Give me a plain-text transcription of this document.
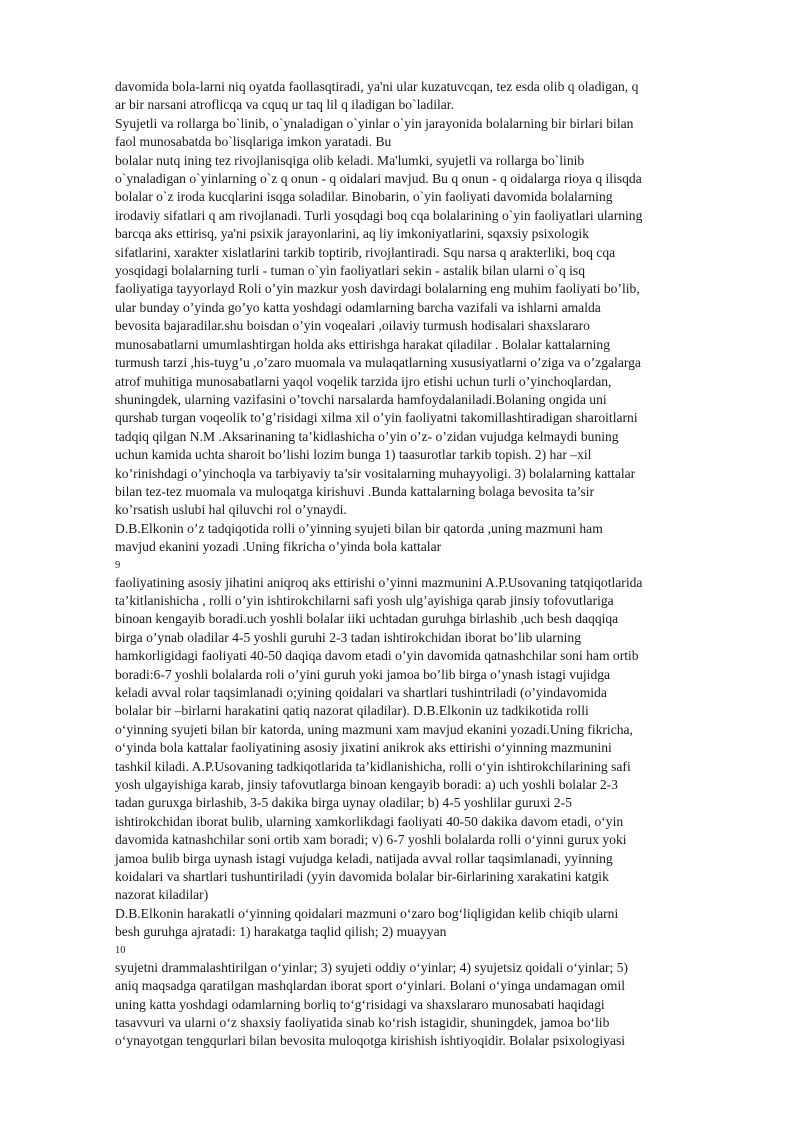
davomida bola-larni niq oyatda faollasqtiradi, ya'ni ular kuzatuvcqan, tez esda olib q oladigan, q
ar bir narsani atroflicqa va cquq ur taq lil q iladigan bo`ladilar.
Syujetli va rollarga bo`linib, o`ynaladigan o`yinlar o`yin jarayonida bolalarning bir birlari bilan
faol munosabatda bo`lisqlariga imkon yaratadi. Bu
bolalar nutq ining tez rivojlanisqiga olib keladi. Ma'lumki, syujetli va rollarga bo`linib
o`ynaladigan o`yinlarning o`z q onun - q oidalari mavjud. Bu q onun - q oidalarga rioya q ilisqda
bolalar o`z iroda kucqlarini isqga soladilar. Binobarin, o`yin faoliyati davomida bolalarning
irodaviy sifatlari q am rivojlanadi. Turli yosqdagi boq cqa bolalarining o`yin faoliyatlari ularning
barcqa aks ettirisq, ya'ni psixik jarayonlarini, aq liy imkoniyatlarini, sqaxsiy psixologik
sifatlarini, xarakter xislatlarini tarkib toptirib, rivojlantiradi. Squ narsa q arakterliki, boq cqa
yosqidagi bolalarning turli - tuman o`yin faoliyatlari sekin - astalik bilan ularni o`q isq
faoliyatiga tayyorlayd Roli o’yin mazkur yosh davirdagi bolalarning eng muhim faoliyati bo’lib,
ular bunday o’yinda go’yo katta yoshdagi odamlarning barcha vazifali va ishlarni amalda
bevosita bajaradilar.shu boisdan o’yin voqealari ,oilaviy turmush hodisalari shaxslararo
munosabatlarni umumlashtirgan holda aks ettirishga harakat qiladilar . Bolalar kattalarning
turmush tarzi ,his-tuyg’u ,o’zaro muomala va mulaqatlarning xususiyatlarni o’ziga va o’zgalarga
atrof muhitiga munosabatlarni yaqol voqelik tarzida ijro etishi uchun turli o’yinchoqlardan,
shuningdek, ularning vazifasini o’tovchi narsalarda hamfoydalaniladi.Bolaning ongida uni
qurshab turgan voqeolik to’g’risidagi xilma xil o’yin faoliyatni takomillashtiradigan sharoitlarni
tadqiq qilgan N.M .Aksarinaning ta’kidlashicha o’yin o’z- o’zidan vujudga kelmaydi buning
uchun kamida uchta sharoit bo’lishi lozim bunga 1) taasurotlar tarkib topish. 2) har –xil
ko’rinishdagi o’yinchoqla va tarbiyaviy ta’sir vositalarning muhayyoligi. 3) bolalarning kattalar
bilan tez-tez muomala va muloqatga kirishuvi .Bunda kattalarning bolaga bevosita ta’sir
ko’rsatish uslubi hal qiluvchi rol o’ynaydi.
D.B.Elkonin o’z tadqiqotida rolli o’yinning syujeti bilan bir qatorda ,uning mazmuni ham
mavjud ekanini yozadi .Uning fikricha o’yinda bola kattalar

9

faoliyatining asosiy jihatini aniqroq aks ettirishi o’yinni mazmunini A.P.Usovaning tatqiqotlarida
ta’kitlanishicha , rolli o’yin ishtirokchilarni safi yosh ulg’ayishiga qarab jinsiy tofovutlariga
binoan kengayib boradi.uch yoshli bolalar iiki uchtadan guruhga birlashib ,uch besh daqqiqa
birga o’ynab oladilar 4-5 yoshli guruhi 2-3 tadan ishtirokchidan iborat bo’lib ularning
hamkorligidagi faoliyati 40-50 daqiqa davom etadi o’yin davomida qatnashchilar soni ham ortib
boradi:6-7 yoshli bolalarda roli o’yini guruh yoki jamoa bo’lib birga o’ynash istagi vujidga
keladi avval rolar taqsimlanadi o;yining qoidalari va shartlari tushintriladi (o’yindavomida
bolalar bir –birlarni harakatini qatiq nazorat qiladilar). D.B.Elkonin uz tadkikotida rolli
o‘yinning syujeti bilan bir katorda, uning mazmuni xam mavjud ekanini yozadi.Uning fikricha,
o‘yinda bola kattalar faoliyatining asosiy jixatini anikrok aks ettirishi o‘yinning mazmunini
tashkil kiladi. A.P.Usovaning tadkiqotlarida ta’kidlanishicha, rolli o‘yin ishtirokchilarining safi
yosh ulgayishiga karab, jinsiy tafovutlarga binoan kengayib boradi: a) uch yoshli bolalar 2-3
tadan guruxga birlashib, 3-5 dakika birga uynay oladilar; b) 4-5 yoshlilar guruxi 2-5
ishtirokchidan iborat bulib, ularning xamkorlikdagi faoliyati 40-50 dakika davom etadi, o‘yin
davomida katnashchilar soni ortib xam boradi; v) 6-7 yoshli bolalarda rolli o‘yinni gurux yoki
jamoa bulib birga uynash istagi vujudga keladi, natijada avval rollar taqsimlanadi, yyinning
koidalari va shartlari tushuntiriladi (yyin davomida bolalar bir-6irlarining xarakatini katgik
nazorat kiladilar)
D.B.Elkonin harakatli o‘yinning qoidalari mazmuni o‘zaro bog‘liqligidan kelib chiqib ularni
besh guruhga ajratadi: 1) harakatga taqlid qilish; 2) muayyan

10

syujetni drammalashtirilgan o‘yinlar; 3) syujeti oddiy o‘yinlar; 4) syujetsiz qoidali o‘yinlar; 5)
aniq maqsadga qaratilgan mashqlardan iborat sport o‘yinlari. Bolani o‘yinga undamagan omil
uning katta yoshdagi odamlarning borliq to‘g‘risidagi va shaxslararo munosabati haqidagi
tasavvuri va ularni o‘z shaxsiy faoliyatida sinab ko‘rish istagidir, shuningdek, jamoa bo‘lib
o‘ynayotgan tengqurlari bilan bevosita muloqotga kirishish ishtiyoqidir. Bolalar psixologiyasi
